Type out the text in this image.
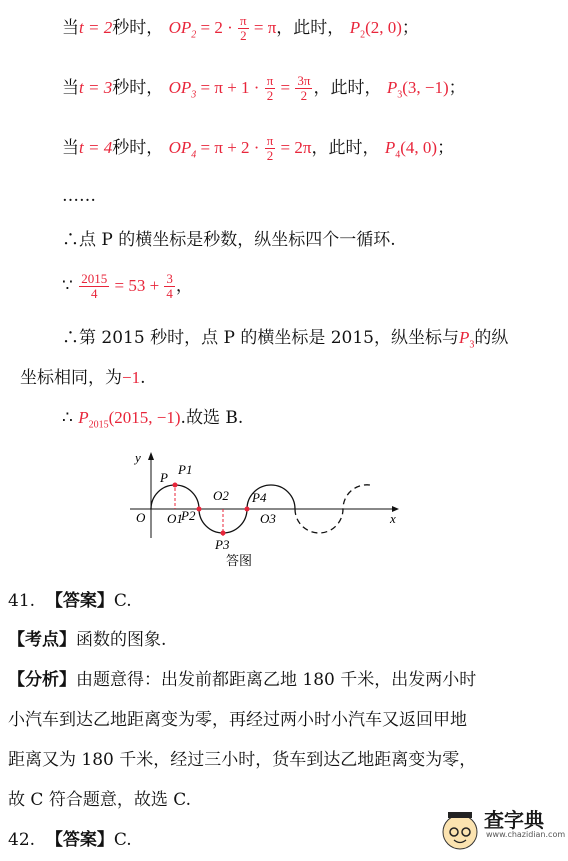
当t = 2秒时， $OP_2 = 2 \cdot \frac{\pi}{2} = \pi$，此时， $P_2(2$, 0)；
当t = 3秒时， $OP_3 = \pi + 1 \cdot \frac{\pi}{2} = \frac{3\pi}{2}$ ，此时， $P_3(3$, −1)；
当t = 4秒时， $OP_4 = \pi + 2 \cdot \frac{\pi}{2} = 2\pi$，此时， $P_4(4$, 0)；
……
∴点 P 的横坐标是秒数，纵坐标四个一循环.
∵ $\frac{2015}{4} = 53 + \frac{3}{4}$ ，
∴第 2015 秒时，点 P 的横坐标是 2015，纵坐标与$P_3$的纵
坐标相同，为−1.
∴ $P_{2015}(2015$, −1).故选 B.
y
x
P
P1
O O1
P2
O2 P4
O3
P3
答图
41. 【答案】C.
【考点】函数的图象.
【分析】由题意得：出发前都距离乙地 180 千米，出发两小时
小汽车到达乙地距离变为零，再经过两小时小汽车又返回甲地
距离又为 180 千米，经过三小时，货车到达乙地距离变为零，
故 C 符合题意，故选 C.
42. 【答案】C.
查字典
www.chazidian.com
